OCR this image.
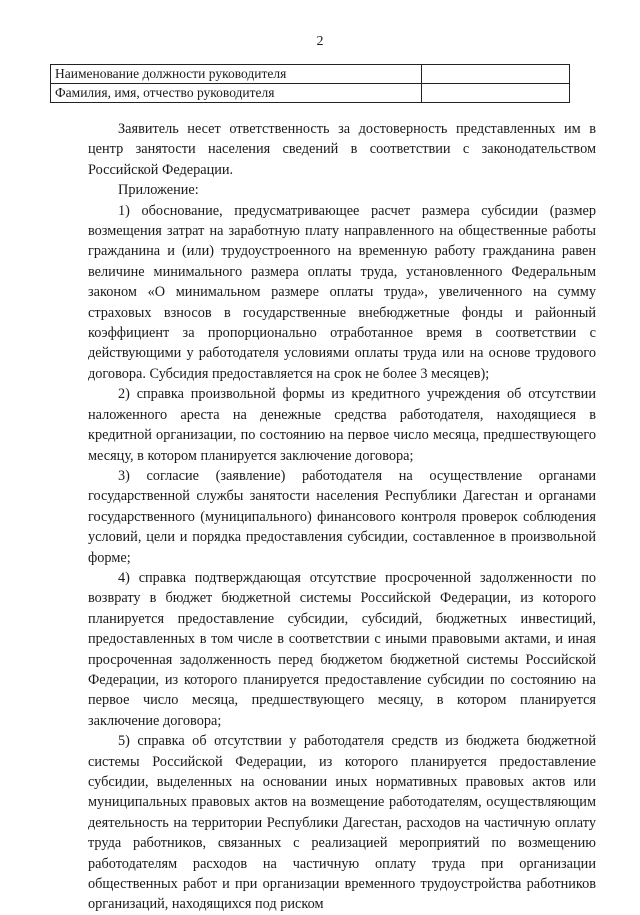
2
Наименование должности руководителя	
Фамилия, имя, отчество руководителя	

Заявитель несет ответственность за достоверность представленных им в центр занятости населения сведений в соответствии с законодательством Российской Федерации.

Приложение:

1) обоснование, предусматривающее расчет размера субсидии (размер возмещения затрат на заработную плату направленного на общественные работы гражданина и (или) трудоустроенного на временную работу гражданина равен величине минимального размера оплаты труда, установленного Федеральным законом «О минимальном размере оплаты труда», увеличенного на сумму страховых взносов в государственные внебюджетные фонды и районный коэффициент за пропорционально отработанное время в соответствии с действующими у работодателя условиями оплаты труда или на основе трудового договора. Субсидия предоставляется на срок не более 3 месяцев);

2) справка произвольной формы из кредитного учреждения об отсутствии наложенного ареста на денежные средства работодателя, находящиеся в кредитной организации, по состоянию на первое число месяца, предшествующего месяцу, в котором планируется заключение договора;

3) согласие (заявление) работодателя на осуществление органами государственной службы занятости населения Республики Дагестан и органами государственного (муниципального) финансового контроля проверок соблюдения условий, цели и порядка предоставления субсидии, составленное в произвольной форме;

4) справка подтверждающая отсутствие просроченной задолженности по возврату в бюджет бюджетной системы Российской Федерации, из которого планируется предоставление субсидии, субсидий, бюджетных инвестиций, предоставленных в том числе в соответствии с иными правовыми актами, и иная просроченная задолженность перед бюджетом бюджетной системы Российской Федерации, из которого планируется предоставление субсидии по состоянию на первое число месяца, предшествующего месяцу, в котором планируется заключение договора;

5) справка об отсутствии у работодателя средств из бюджета бюджетной системы Российской Федерации, из которого планируется предоставление субсидии, выделенных на основании иных нормативных правовых актов или муниципальных правовых актов на возмещение работодателям, осуществляющим деятельность на территории Республики Дагестан, расходов на частичную оплату труда работников, связанных с реализацией мероприятий по возмещению работодателям расходов на частичную оплату труда при организации общественных работ и при организации временного трудоустройства работников организаций, находящихся под риском
